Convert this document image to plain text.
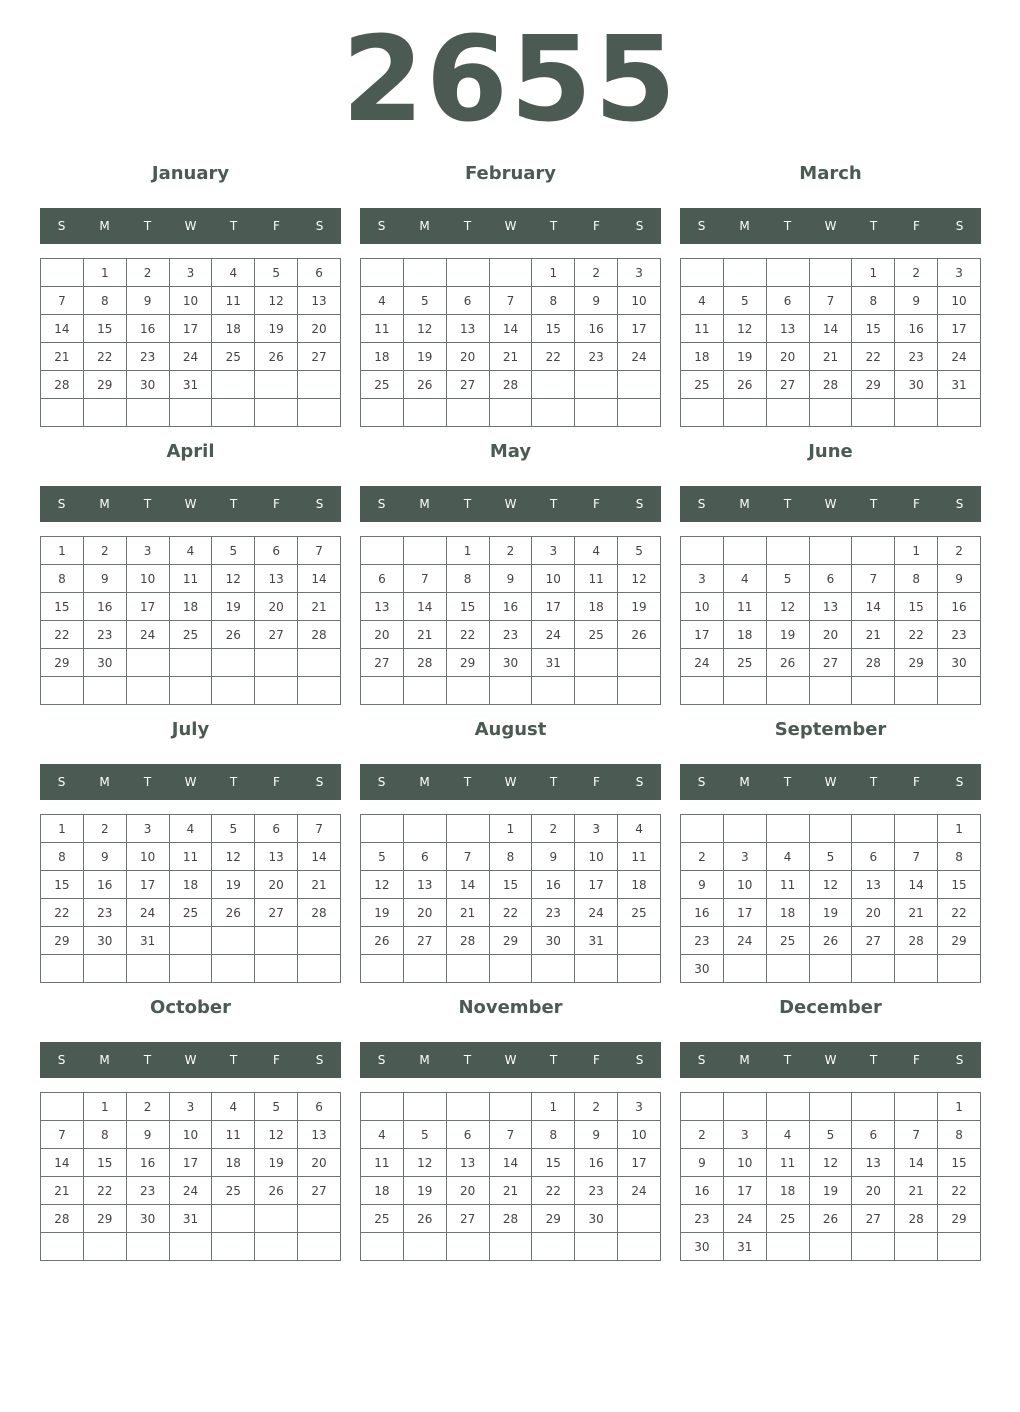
2655
January
S	M	T	W	T	F	S
	1	2	3	4	5	6
7	8	9	10	11	12	13
14	15	16	17	18	19	20
21	22	23	24	25	26	27
28	29	30	31			

February
S	M	T	W	T	F	S
				1	2	3
4	5	6	7	8	9	10
11	12	13	14	15	16	17
18	19	20	21	22	23	24
25	26	27	28			

March
S	M	T	W	T	F	S
				1	2	3
4	5	6	7	8	9	10
11	12	13	14	15	16	17
18	19	20	21	22	23	24
25	26	27	28	29	30	31

April
S	M	T	W	T	F	S
1	2	3	4	5	6	7
8	9	10	11	12	13	14
15	16	17	18	19	20	21
22	23	24	25	26	27	28
29	30					

May
S	M	T	W	T	F	S
		1	2	3	4	5
6	7	8	9	10	11	12
13	14	15	16	17	18	19
20	21	22	23	24	25	26
27	28	29	30	31		

June
S	M	T	W	T	F	S
					1	2
3	4	5	6	7	8	9
10	11	12	13	14	15	16
17	18	19	20	21	22	23
24	25	26	27	28	29	30

July
S	M	T	W	T	F	S
1	2	3	4	5	6	7
8	9	10	11	12	13	14
15	16	17	18	19	20	21
22	23	24	25	26	27	28
29	30	31				

August
S	M	T	W	T	F	S
			1	2	3	4
5	6	7	8	9	10	11
12	13	14	15	16	17	18
19	20	21	22	23	24	25
26	27	28	29	30	31	

September
S	M	T	W	T	F	S
						1
2	3	4	5	6	7	8
9	10	11	12	13	14	15
16	17	18	19	20	21	22
23	24	25	26	27	28	29
30						
October
S	M	T	W	T	F	S
	1	2	3	4	5	6
7	8	9	10	11	12	13
14	15	16	17	18	19	20
21	22	23	24	25	26	27
28	29	30	31			

November
S	M	T	W	T	F	S
				1	2	3
4	5	6	7	8	9	10
11	12	13	14	15	16	17
18	19	20	21	22	23	24
25	26	27	28	29	30	

December
S	M	T	W	T	F	S
						1
2	3	4	5	6	7	8
9	10	11	12	13	14	15
16	17	18	19	20	21	22
23	24	25	26	27	28	29
30	31					
